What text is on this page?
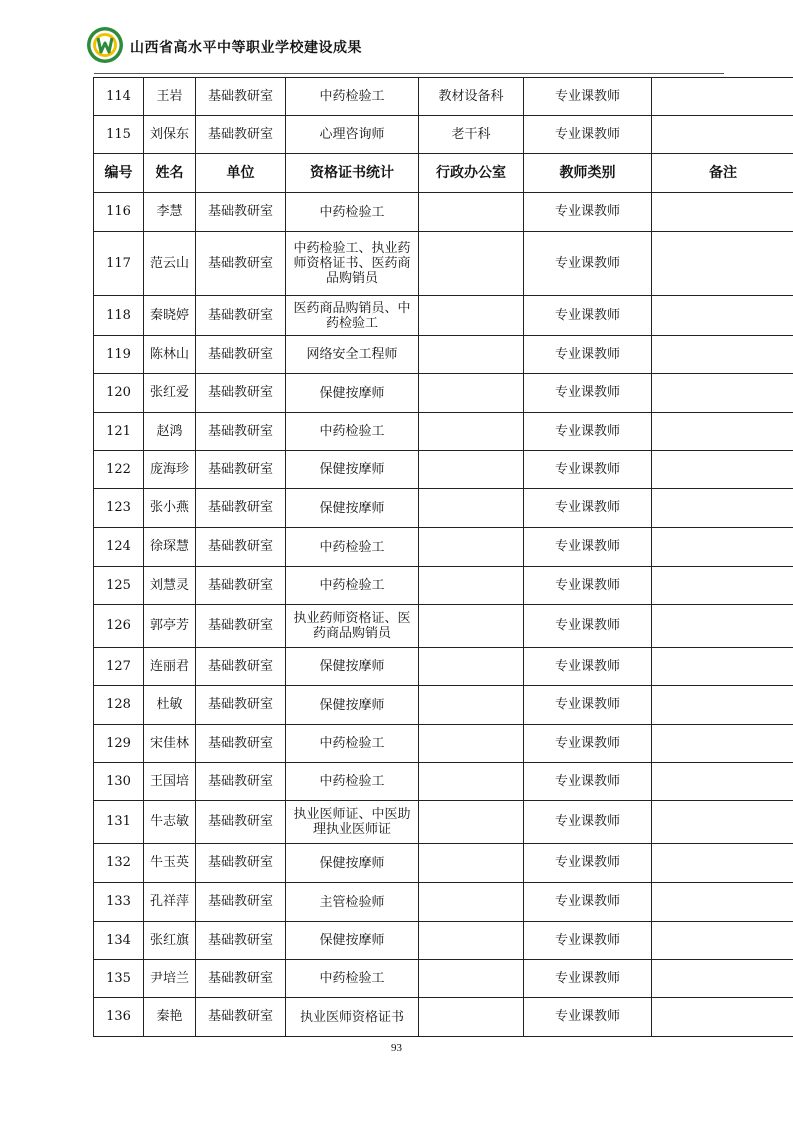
山西省高水平中等职业学校建设成果
114	王岩	基础教研室	中药检验工	教材设备科	专业课教师	
115	刘保东	基础教研室	心理咨询师	老干科	专业课教师	
编号	姓名	单位	资格证书统计	行政办公室	教师类别	备注
116	李慧	基础教研室	中药检验工		专业课教师	
117	范云山	基础教研室	中药检验工、执业药师资格证书、医药商品购销员		专业课教师	
118	秦晓婷	基础教研室	医药商品购销员、中药检验工		专业课教师	
119	陈林山	基础教研室	网络安全工程师		专业课教师	
120	张红爱	基础教研室	保健按摩师		专业课教师	
121	赵鸿	基础教研室	中药检验工		专业课教师	
122	庞海珍	基础教研室	保健按摩师		专业课教师	
123	张小燕	基础教研室	保健按摩师		专业课教师	
124	徐琛慧	基础教研室	中药检验工		专业课教师	
125	刘慧灵	基础教研室	中药检验工		专业课教师	
126	郭亭芳	基础教研室	执业药师资格证、医药商品购销员		专业课教师	
127	连丽君	基础教研室	保健按摩师		专业课教师	
128	杜敏	基础教研室	保健按摩师		专业课教师	
129	宋佳林	基础教研室	中药检验工		专业课教师	
130	王国培	基础教研室	中药检验工		专业课教师	
131	牛志敏	基础教研室	执业医师证、中医助理执业医师证		专业课教师	
132	牛玉英	基础教研室	保健按摩师		专业课教师	
133	孔祥萍	基础教研室	主管检验师		专业课教师	
134	张红旗	基础教研室	保健按摩师		专业课教师	
135	尹培兰	基础教研室	中药检验工		专业课教师	
136	秦艳	基础教研室	执业医师资格证书		专业课教师	
93
